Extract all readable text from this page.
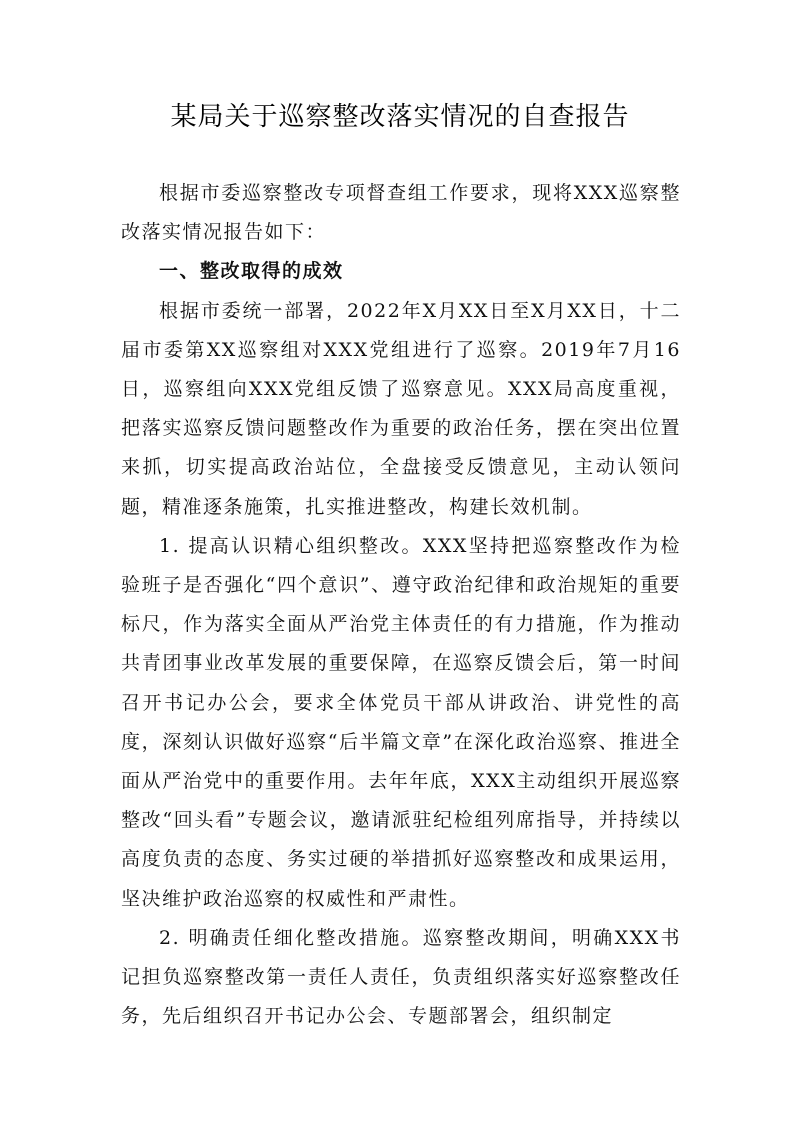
某局关于巡察整改落实情况的自查报告

根据市委巡察整改专项督查组工作要求，现将XXX巡察整改落实情况报告如下：

一、整改取得的成效

根据市委统一部署，2022年X月XX日至X月XX日，十二届市委第XX巡察组对XXX党组进行了巡察。2019年7月16日，巡察组向XXX党组反馈了巡察意见。XXX局高度重视，把落实巡察反馈问题整改作为重要的政治任务，摆在突出位置来抓，切实提高政治站位，全盘接受反馈意见，主动认领问题，精准逐条施策，扎实推进整改，构建长效机制。

1. 提高认识精心组织整改。XXX坚持把巡察整改作为检验班子是否强化“四个意识”、遵守政治纪律和政治规矩的重要标尺，作为落实全面从严治党主体责任的有力措施，作为推动共青团事业改革发展的重要保障，在巡察反馈会后，第一时间召开书记办公会，要求全体党员干部从讲政治、讲党性的高度，深刻认识做好巡察“后半篇文章”在深化政治巡察、推进全面从严治党中的重要作用。去年年底，XXX主动组织开展巡察整改“回头看”专题会议，邀请派驻纪检组列席指导，并持续以高度负责的态度、务实过硬的举措抓好巡察整改和成果运用，坚决维护政治巡察的权威性和严肃性。

2. 明确责任细化整改措施。巡察整改期间，明确XXX书记担负巡察整改第一责任人责任，负责组织落实好巡察整改任务，先后组织召开书记办公会、专题部署会，组织制定
